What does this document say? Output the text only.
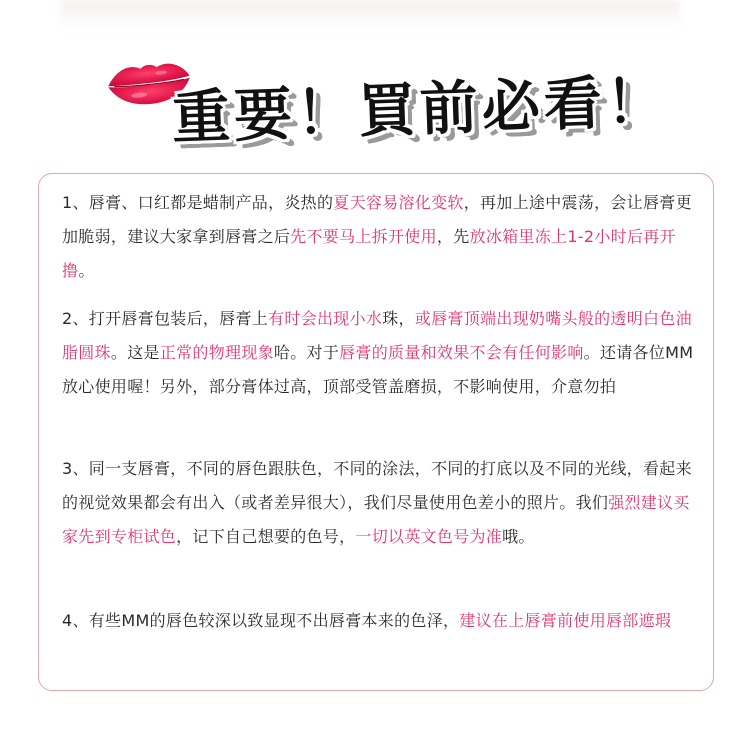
重要！買前必看！
1、唇膏、口红都是蜡制产品，炎热的夏天容易溶化变软，再加上途中震荡，会让唇膏更加脆弱，建议大家拿到唇膏之后先不要马上拆开使用，先放冰箱里冻上1-2小时后再开撸。
2、打开唇膏包装后，唇膏上有时会出现小水珠，或唇膏顶端出现奶嘴头般的透明白色油脂圆珠。这是正常的物理现象哈。对于唇膏的质量和效果不会有任何影响。还请各位MM放心使用喔！另外，部分膏体过高，顶部受管盖磨损，不影响使用，介意勿拍
3、同一支唇膏，不同的唇色跟肤色，不同的涂法，不同的打底以及不同的光线，看起来的视觉效果都会有出入（或者差异很大），我们尽量使用色差小的照片。我们强烈建议买家先到专柜试色，记下自己想要的色号，一切以英文色号为准哦。
4、有些MM的唇色较深以致显现不出唇膏本来的色泽，建议在上唇膏前使用唇部遮瑕
